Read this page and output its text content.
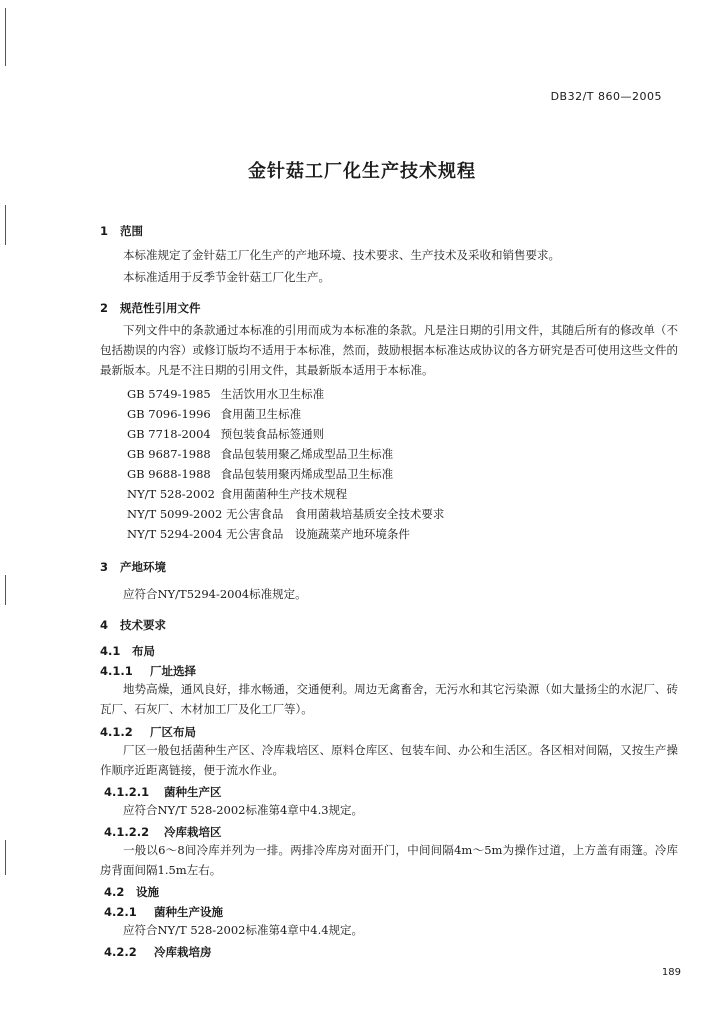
DB32/T 860—2005
金针菇工厂化生产技术规程
1 范围
本标准规定了金针菇工厂化生产的产地环境、技术要求、生产技术及采收和销售要求。
本标准适用于反季节金针菇工厂化生产。
2 规范性引用文件
下列文件中的条款通过本标准的引用而成为本标准的条款。凡是注日期的引用文件，其随后所有的修改单（不包括勘误的内容）或修订版均不适用于本标准，然而，鼓励根据本标准达成协议的各方研究是否可使用这些文件的最新版本。凡是不注日期的引用文件，其最新版本适用于本标准。
GB 5749-1985 生活饮用水卫生标准
GB 7096-1996 食用菌卫生标准
GB 7718-2004 预包装食品标签通则
GB 9687-1988 食品包装用聚乙烯成型品卫生标准
GB 9688-1988 食品包装用聚丙烯成型品卫生标准
NY/T 528-2002 食用菌菌种生产技术规程
NY/T 5099-2002 无公害食品　食用菌栽培基质安全技术要求
NY/T 5294-2004 无公害食品　设施蔬菜产地环境条件
3 产地环境
应符合NY/T5294-2004标准规定。
4 技术要求
4.1 布局
4.1.1 厂址选择
地势高燥，通风良好，排水畅通，交通便利。周边无禽畜舍，无污水和其它污染源（如大量扬尘的水泥厂、砖瓦厂、石灰厂、木材加工厂及化工厂等）。
4.1.2 厂区布局
厂区一般包括菌种生产区、冷库栽培区、原料仓库区、包装车间、办公和生活区。各区相对间隔，又按生产操作顺序近距离链接，便于流水作业。
4.1.2.1 菌种生产区
应符合NY/T 528-2002标准第4章中4.3规定。
4.1.2.2 冷库栽培区
一般以6～8间冷库并列为一排。两排冷库房对面开门，中间间隔4m～5m为操作过道，上方盖有雨篷。冷库房背面间隔1.5m左右。
4.2 设施
4.2.1 菌种生产设施
应符合NY/T 528-2002标准第4章中4.4规定。
4.2.2 冷库栽培房
189
